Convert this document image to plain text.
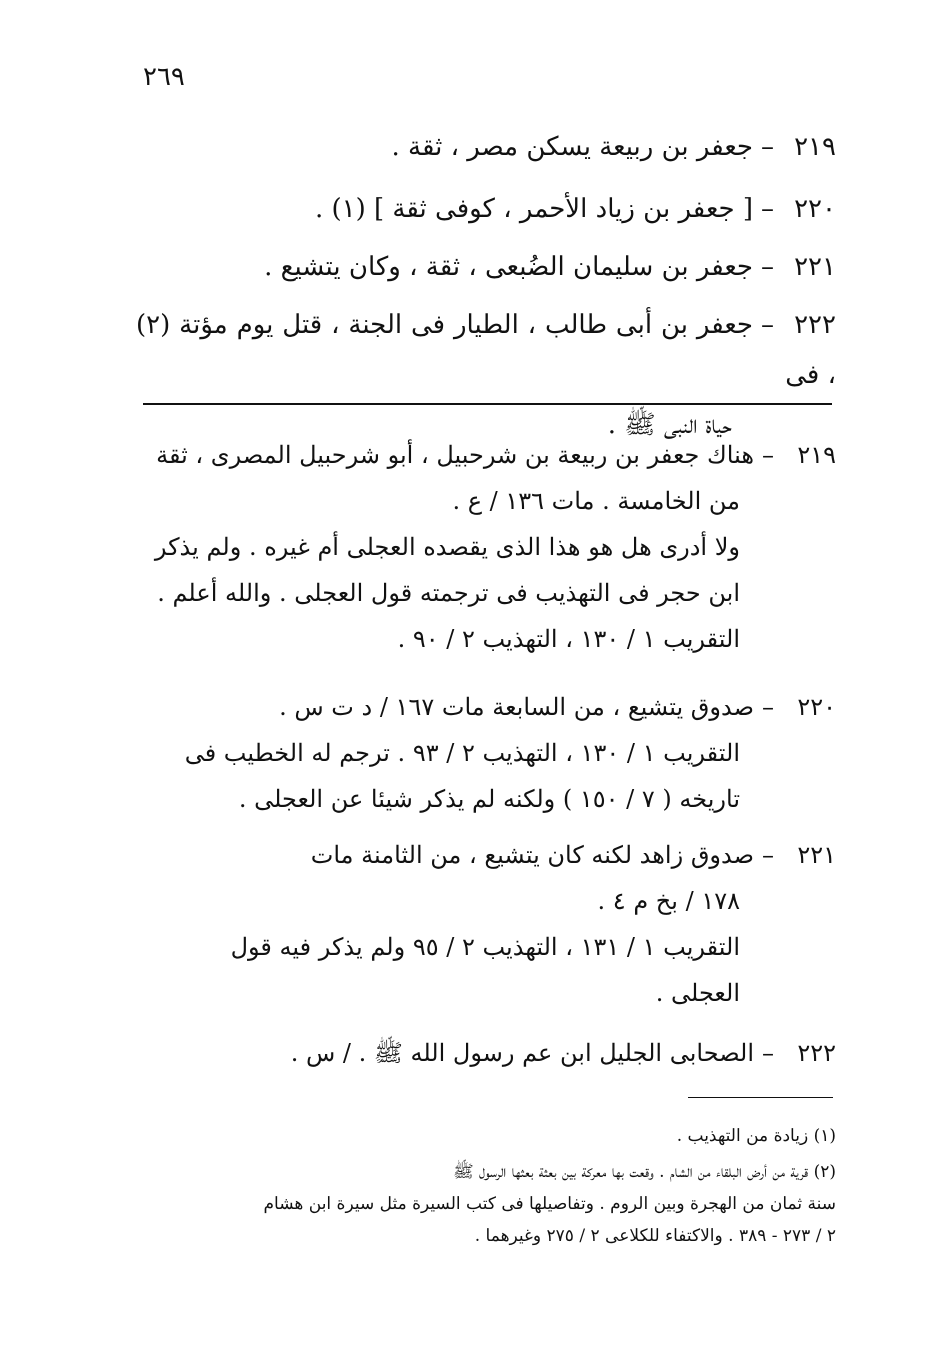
٢٦٩
٢١٩–جعفر بن ربيعة يسكن مصر ، ثقة .
٢٢٠–[ جعفر بن زياد الأحمر ، كوفى ثقة ] (١) .
٢٢١–جعفر بن سليمان الضُبعى ، ثقة ، وكان يتشيع .
٢٢٢–جعفر بن أبى طالب ، الطيار فى الجنة ، قتل يوم مؤتة (٢) ، فى
حياة النبى ﷺ .
٢١٩–هناك جعفر بن ربيعة بن شرحبيل ، أبو شرحبيل المصرى ، ثقة
من الخامسة . مات ١٣٦ / ع .
ولا أدرى هل هو هذا الذى يقصده العجلى أم غيره . ولم يذكر
ابن حجر فى التهذيب فى ترجمته قول العجلى . والله أعلم .
التقريب ١ / ١٣٠ ، التهذيب ٢ / ٩٠ .
٢٢٠–صدوق يتشيع ، من السابعة مات ١٦٧ / د ت س .
التقريب ١ / ١٣٠ ، التهذيب ٢ / ٩٣ . ترجم له الخطيب فى
تاريخه ( ٧ / ١٥٠ ) ولكنه لم يذكر شيئا عن العجلى .
٢٢١–صدوق زاهد لكنه كان يتشيع ، من الثامنة مات
١٧٨ / بخ م ٤ .
التقريب ١ / ١٣١ ، التهذيب ٢ / ٩٥ ولم يذكر فيه قول
العجلى .
٢٢٢–الصحابى الجليل ابن عم رسول الله ﷺ . / س .
(١) زيادة من التهذيب .
(٢) قرية من أرض البلقاء من الشام . وقعت بها معركة بين بعثة بعثها الرسول ﷺ
سنة ثمان من الهجرة وبين الروم . وتفاصيلها فى كتب السيرة مثل سيرة ابن هشام
٢ / ٢٧٣ - ٣٨٩ . والاكتفاء للكلاعى ٢ / ٢٧٥ وغيرهما .
